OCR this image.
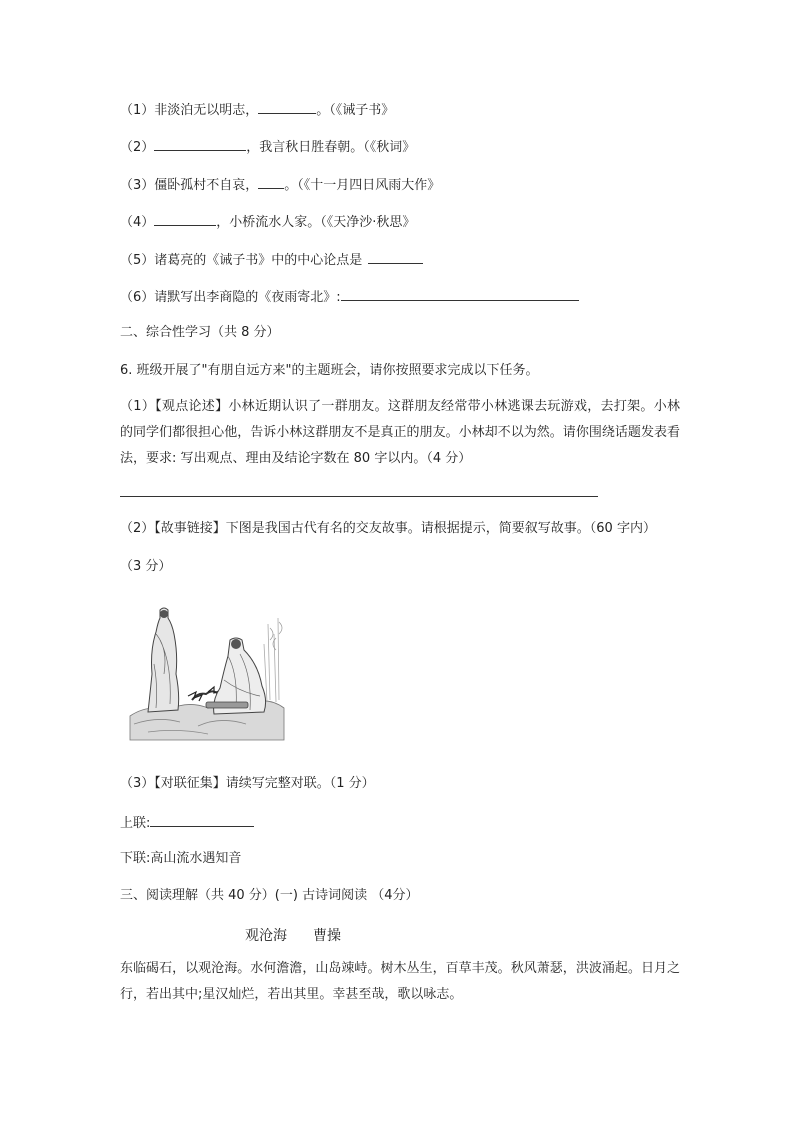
（1）非淡泊无以明志，	。（《诫子书》
（2）	，我言秋日胜春朝。（《秋词》
（3）僵卧孤村不自哀， 。（《十一月四日风雨大作》
（4）	，小桥流水人家。（《天净沙·秋思》
（5）诸葛亮的《诫子书》中的中心论点是
（6）请默写出李商隐的《夜雨寄北》:
二、综合性学习（共 8 分）
6. 班级开展了"有朋自远方来"的主题班会，请你按照要求完成以下任务。
（1）【观点论述】小林近期认识了一群朋友。这群朋友经常带小林逃课去玩游戏，去打架。小林的同学们都很担心他，告诉小林这群朋友不是真正的朋友。小林却不以为然。请你围绕话题发表看法，要求: 写出观点、理由及结论字数在 80 字以内。（4 分）
（2）【故事链接】下图是我国古代有名的交友故事。请根据提示，简要叙写故事。（60 字内）
（3 分）
（3）【对联征集】请续写完整对联。（1 分）
上联:
下联:高山流水遇知音
三、阅读理解（共 40 分）(一) 古诗词阅读 （4分）
观沧海 曹操
东临碣石，以观沧海。水何澹澹，山岛竦峙。树木丛生，百草丰茂。秋风萧瑟，洪波涌起。日月之行，若出其中;星汉灿烂，若出其里。幸甚至哉，歌以咏志。
